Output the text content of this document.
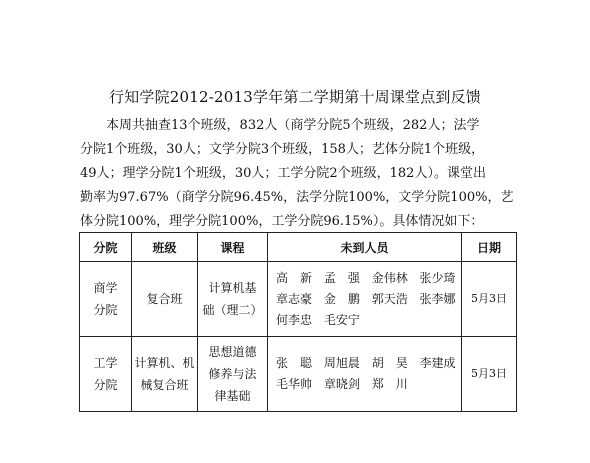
行知学院2012-2013学年第二学期第十周课堂点到反馈
本周共抽查13个班级，832人（商学分院5个班级，282人；法学
分院1个班级，30人；文学分院3个班级，158人；艺体分院1个班级，
49人；理学分院1个班级，30人；工学分院2个班级，182人）。课堂出
勤率为97.67%（商学分院96.45%，法学分院100%，文学分院100%，艺
体分院100%，理学分院100%，工学分院96.15%）。具体情况如下：
分院	班级	课程	未到人员	日期

商学
分院	复合班	计算机基
础（理二）	高　新 孟　强 金伟林 张少琦
章志豪 金　鹏 郭天浩 张李娜
何李忠 毛安宁	5月3日

工学
分院	计算机、机
械复合班	思想道德
修养与法
律基础	张　聪 周旭晨 胡　昊 李建成
毛华帅 章晓剑 郑　川	5月3日
